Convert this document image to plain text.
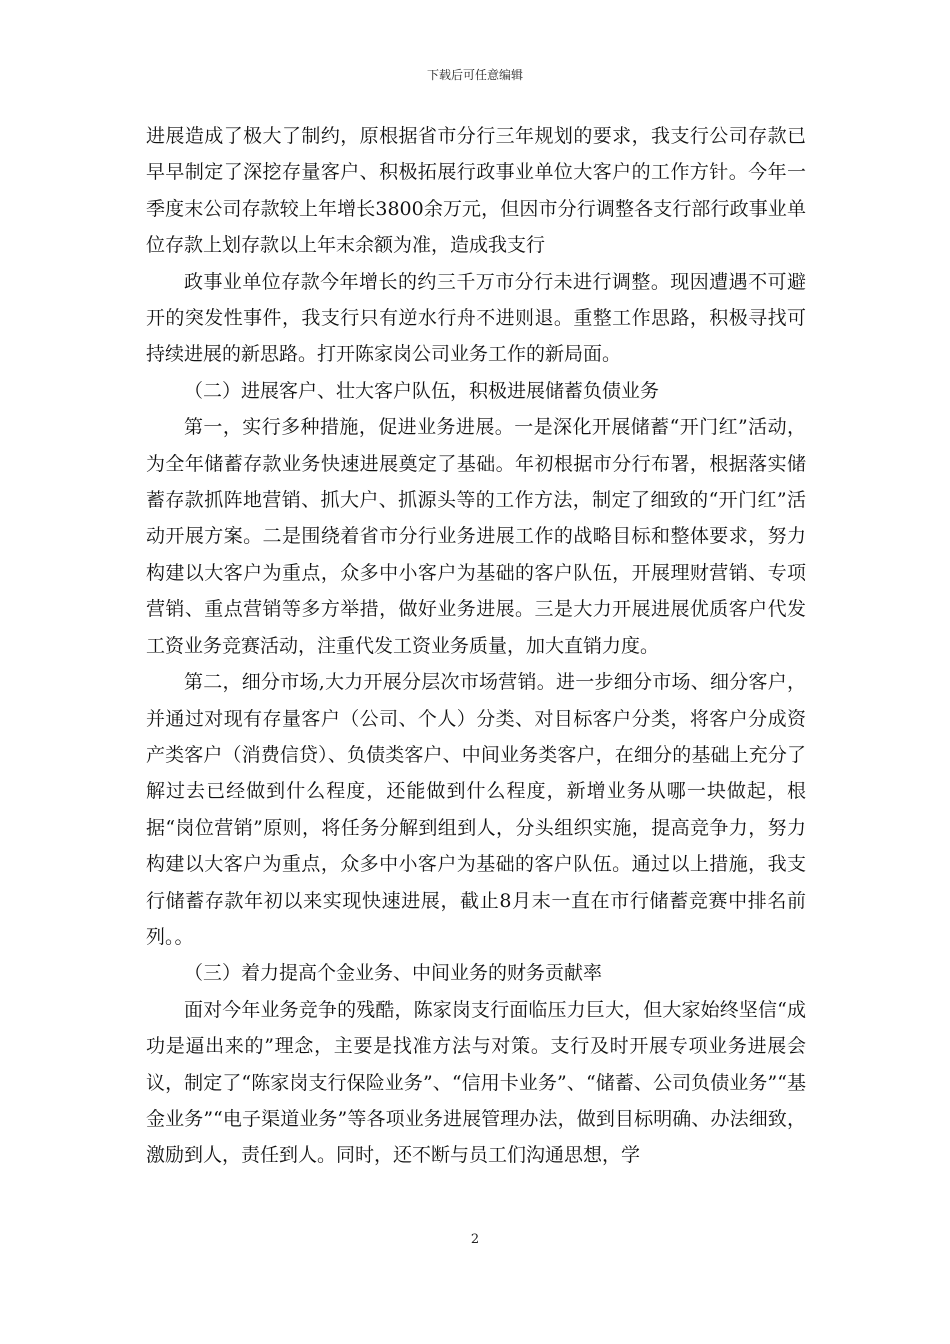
下载后可任意编辑

进展造成了极大了制约，原根据省市分行三年规划的要求，我支行公司存款已早早制定了深挖存量客户、积极拓展行政事业单位大客户的工作方针。今年一季度末公司存款较上年增长3800余万元，但因市分行调整各支行部行政事业单位存款上划存款以上年末余额为准，造成我支行

政事业单位存款今年增长的约三千万市分行未进行调整。现因遭遇不可避开的突发性事件，我支行只有逆水行舟不进则退。重整工作思路，积极寻找可持续进展的新思路。打开陈家岗公司业务工作的新局面。

（二）进展客户、壮大客户队伍，积极进展储蓄负债业务

第一，实行多种措施，促进业务进展。一是深化开展储蓄“开门红”活动，为全年储蓄存款业务快速进展奠定了基础。年初根据市分行布署，根据落实储蓄存款抓阵地营销、抓大户、抓源头等的工作方法，制定了细致的“开门红”活动开展方案。二是围绕着省市分行业务进展工作的战略目标和整体要求，努力构建以大客户为重点，众多中小客户为基础的客户队伍，开展理财营销、专项营销、重点营销等多方举措，做好业务进展。三是大力开展进展优质客户代发工资业务竞赛活动，注重代发工资业务质量，加大直销力度。

第二，细分市场,大力开展分层次市场营销。进一步细分市场、细分客户，并通过对现有存量客户（公司、个人）分类、对目标客户分类，将客户分成资产类客户（消费信贷）、负债类客户、中间业务类客户，在细分的基础上充分了解过去已经做到什么程度，还能做到什么程度，新增业务从哪一块做起，根据“岗位营销”原则，将任务分解到组到人，分头组织实施，提高竞争力，努力构建以大客户为重点，众多中小客户为基础的客户队伍。通过以上措施，我支行储蓄存款年初以来实现快速进展，截止8月末一直在市行储蓄竞赛中排名前列。。

（三）着力提高个金业务、中间业务的财务贡献率

面对今年业务竞争的残酷，陈家岗支行面临压力巨大，但大家始终坚信“成功是逼出来的”理念，主要是找准方法与对策。支行及时开展专项业务进展会议，制定了“陈家岗支行保险业务”、“信用卡业务”、“储蓄、公司负债业务”“基金业务”“电子渠道业务”等各项业务进展管理办法，做到目标明确、办法细致，激励到人，责任到人。同时，还不断与员工们沟通思想，学

2
